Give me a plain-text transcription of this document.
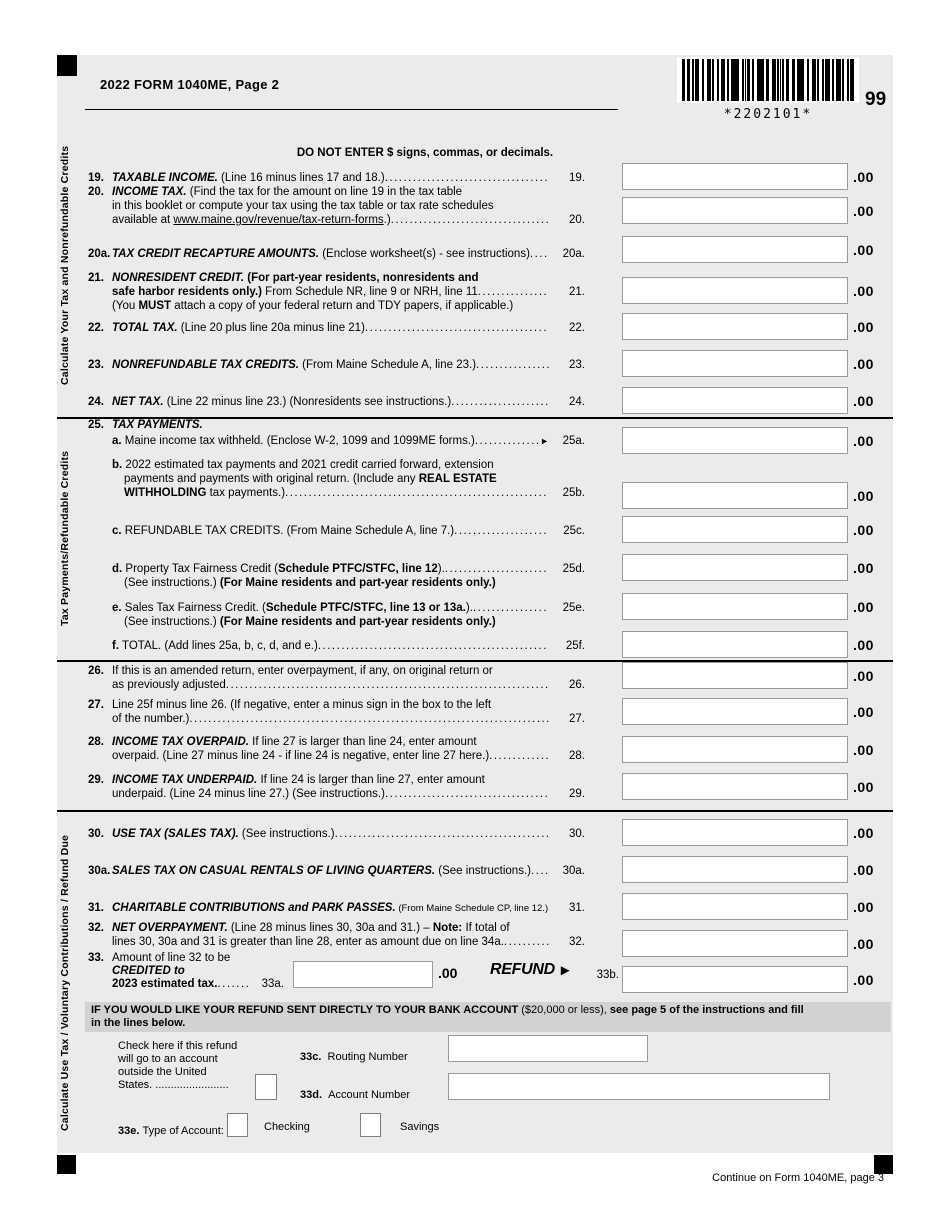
2022 FORM 1040ME, Page 2
*2202101*
99
Calculate Your Tax and Nonrefundable Credits
Tax Payments/Refundable Credits
Calculate Use Tax / Voluntary Contributions / Refund Due
DO NOT ENTER $ signs, commas, or decimals.
19. TAXABLE INCOME. (Line 16 minus lines 17 and 18.) .....	19.	.00
20. INCOME TAX. (Find the tax for the amount on line 19 in the tax table
in this booklet or compute your tax using the tax table or tax rate schedules
available at www.maine.gov/revenue/tax-return-forms.) .....	20.
.00
20a. TAX CREDIT RECAPTURE AMOUNTS. (Enclose worksheet(s) - see instructions) .....	20a.	.00
21. NONRESIDENT CREDIT. (For part-year residents, nonresidents and
safe harbor residents only.) From Schedule NR, line 9 or NRH, line 11 .....	21.
(You MUST attach a copy of your federal return and TDY papers, if applicable.)
.00
22. TOTAL TAX. (Line 20 plus line 20a minus line 21) .....	22.	.00
23. NONREFUNDABLE TAX CREDITS. (From Maine Schedule A, line 23.) .....	23.	.00
24. NET TAX. (Line 22 minus line 23.) (Nonresidents see instructions.) .....	24.	.00
25. TAX PAYMENTS.
a. Maine income tax withheld. (Enclose W-2, 1099 and 1099ME forms.) .....	►	25a.	.00
b. 2022 estimated tax payments and 2021 credit carried forward, extension
payments and payments with original return. (Include any REAL ESTATE
WITHHOLDING tax payments.) .....	25b.	.00
c. REFUNDABLE TAX CREDITS. (From Maine Schedule A, line 7.) .....	25c.	.00
d. Property Tax Fairness Credit (Schedule PTFC/STFC, line 12). .....	25d.
(See instructions.) (For Maine residents and part-year residents only.)
.00
e. Sales Tax Fairness Credit. (Schedule PTFC/STFC, line 13 or 13a.). .....	25e.
(See instructions.) (For Maine residents and part-year residents only.)
.00
f. TOTAL. (Add lines 25a, b, c, d, and e.) .....	25f.	.00
26. If this is an amended return, enter overpayment, if any, on original return or
as previously adjusted .....	26.
.00
27. Line 25f minus line 26. (If negative, enter a minus sign in the box to the left
of the number.) .....	27.	.00
28. INCOME TAX OVERPAID. If line 27 is larger than line 24, enter amount
overpaid. (Line 27 minus line 24 - if line 24 is negative, enter line 27 here.) .....	28.	.00
29. INCOME TAX UNDERPAID. If line 24 is larger than line 27, enter amount
underpaid. (Line 24 minus line 27.) (See instructions.) .....	29.	.00
30. USE TAX (SALES TAX). (See instructions.) .....	30.	.00
30a. SALES TAX ON CASUAL RENTALS OF LIVING QUARTERS. (See instructions.) .....	30a.	.00
31. CHARITABLE CONTRIBUTIONS and PARK PASSES. (From Maine Schedule CP, line 12.)	31.	.00
32. NET OVERPAYMENT. (Line 28 minus lines 30, 30a and 31.) – Note: If total of
lines 30, 30a and 31 is greater than line 28, enter as amount due on line 34a. .....	32.	.00
33. Amount of line 32 to be
CREDITED to
2023 estimated tax. .....	33a.
.00 REFUND ►	33b.	.00
IF YOU WOULD LIKE YOUR REFUND SENT DIRECTLY TO YOUR BANK ACCOUNT ($20,000 or less), see page 5 of the instructions and fill
in the lines below.
Check here if this refund
will go to an account
outside the United
States. ........................
33c. Routing Number
33d. Account Number
33e. Type of Account:	Checking	Savings
Continue on Form 1040ME, page 3
